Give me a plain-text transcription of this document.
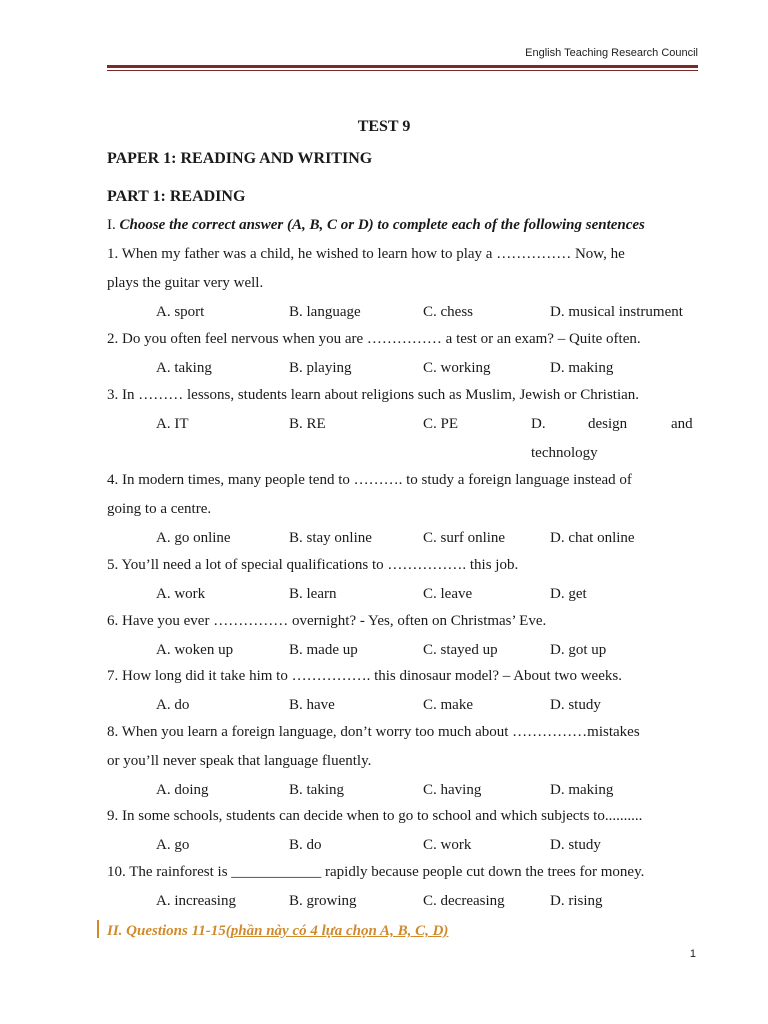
English Teaching Research Council
TEST 9
PAPER 1: READING AND WRITING
PART 1: READING
I. Choose the correct answer (A, B, C or D) to complete each of the following sentences
1. When my father was a child, he wished to learn how to play a …………… Now, he
plays the guitar very well.
A. sport	B. language	C. chess	D. musical instrument
2. Do you often feel nervous when you are …………… a test or an exam? – Quite often.
A. taking	B. playing	C. working	D. making
3. In ……… lessons, students learn about religions such as Muslim, Jewish or Christian.
A. IT	B. RE	C. PE	D.	design	and
technology
4. In modern times, many people tend to ………. to study a foreign language instead of
going to a centre.
A. go online	B. stay online	C. surf online	D. chat online
5. You’ll need a lot of special qualifications to ……………. this job.
A. work	B. learn	C. leave	D. get
6. Have you ever …………… overnight? - Yes, often on Christmas’ Eve.
A. woken up	B. made up	C. stayed up	D. got up
7. How long did it take him to ……………. this dinosaur model? – About two weeks.
A. do	B. have	C. make	D. study
8. When you learn a foreign language, don’t worry too much about ……………mistakes
or you’ll never speak that language fluently.
A. doing	B. taking	C. having	D. making
9. In some schools, students can decide when to go to school and which subjects to..........
A. go	B. do	C. work	D. study
10. The rainforest is ____________ rapidly because people cut down the trees for money.
A. increasing	B. growing	C. decreasing	D. rising
II. Questions 11-15(phần này có 4 lựa chọn A, B, C, D)
1
